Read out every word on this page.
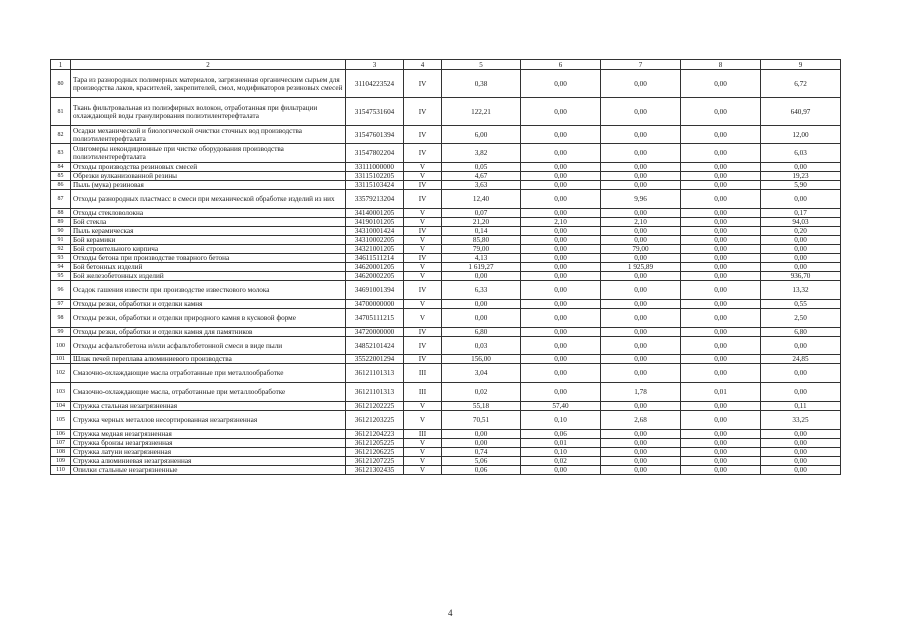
1	2	3	4	5	6	7	8	9
80	Тара из разнородных полимерных материалов, загрязненная органическим сырьем для производства лаков, красителей, закрепителей, смол, модификаторов резиновых смесей	31104223524	IV	0,38	0,00	0,00	0,00	6,72
81	Ткань фильтровальная из полиэфирных волокон, отработанная при фильтрации охлаждающей воды гранулирования полиэтилентерефталата	31547531604	IV	122,21	0,00	0,00	0,00	640,97
82	Осадки механической и биологической очистки сточных вод производства полиэтилентерефталата	31547601394	IV	6,00	0,00	0,00	0,00	12,00
83	Олигомеры некондиционные при чистке оборудования производства полиэтилентерефталата	31547802204	IV	3,82	0,00	0,00	0,00	6,03
84	Отходы производства резиновых смесей	33111000000	V	0,05	0,00	0,00	0,00	0,00
85	Обрезки вулканизованной резины	33115102205	V	4,67	0,00	0,00	0,00	19,23
86	Пыль (мука) резиновая	33115103424	IV	3,63	0,00	0,00	0,00	5,90
87	Отходы разнородных пластмасс в смеси при механической обработке изделий из них	33579213204	IV	12,40	0,00	9,96	0,00	0,00
88	Отходы стекловолокна	34140001205	V	0,07	0,00	0,00	0,00	0,17
89	Бой стекла	34190101205	V	21,20	2,10	2,10	0,00	94,03
90	Пыль керамическая	34310001424	IV	0,14	0,00	0,00	0,00	0,20
91	Бой керамики	34310002205	V	85,80	0,00	0,00	0,00	0,00
92	Бой строительного кирпича	34321001205	V	79,00	0,00	79,00	0,00	0,00
93	Отходы бетона при производстве товарного бетона	34611511214	IV	4,13	0,00	0,00	0,00	0,00
94	Бой бетонных изделий	34620001205	V	1 619,27	0,00	1 925,89	0,00	0,00
95	Бой железобетонных изделий	34620002205	V	0,00	0,00	0,00	0,00	936,70
96	Осадок гашения извести при производстве известкового молока	34691001394	IV	6,33	0,00	0,00	0,00	13,32
97	Отходы резки, обработки и отделки камня	34700000000	V	0,00	0,00	0,00	0,00	0,55
98	Отходы резки, обработки и отделки природного камня в кусковой форме	34705111215	V	0,00	0,00	0,00	0,00	2,50
99	Отходы резки, обработки и отделки камня для памятников	34720000000	IV	6,80	0,00	0,00	0,00	6,80
100	Отходы асфальтобетона и/или асфальтобетонной смеси в виде пыли	34852101424	IV	0,03	0,00	0,00	0,00	0,00
101	Шлак печей переплава алюминиевого производства	35522001294	IV	156,00	0,00	0,00	0,00	24,85
102	Смазочно-охлаждающие масла отработанные при металлообработке	36121101313	III	3,04	0,00	0,00	0,00	0,00
103	Смазочно-охлаждающие масла, отработанные при металлообработке	36121101313	III	0,02	0,00	1,78	0,01	0,00
104	Стружка стальная незагрязненная	36121202225	V	55,18	57,40	0,00	0,00	0,11
105	Стружка черных металлов несортированная незагрязненная	36121203225	V	70,51	0,10	2,68	0,00	33,25
106	Стружка медная незагрязненная	36121204223	III	0,00	0,06	0,00	0,00	0,00
107	Стружка бронзы незагрязненная	36121205225	V	0,00	0,01	0,00	0,00	0,00
108	Стружка латуни незагрязненная	36121206225	V	0,74	0,10	0,00	0,00	0,00
109	Стружка алюминиевая незагрязненная	36121207225	V	5,06	0,02	0,00	0,00	0,00
110	Опилки стальные незагрязненные	36121302435	V	0,06	0,00	0,00	0,00	0,00
4
